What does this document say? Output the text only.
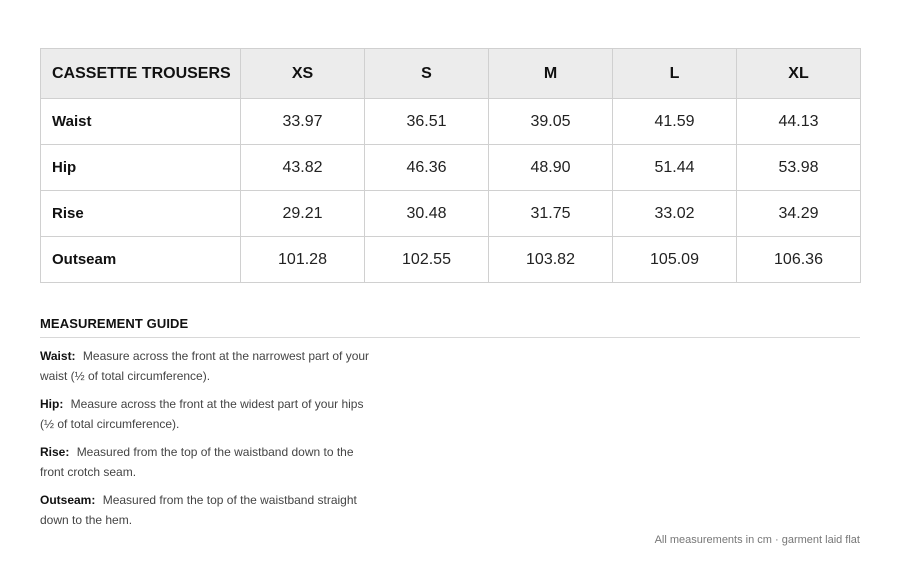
CASSETTE TROUSERS	XS	S	M	L	XL
Waist	33.97	36.51	39.05	41.59	44.13
Hip	43.82	46.36	48.90	51.44	53.98
Rise	29.21	30.48	31.75	33.02	34.29
Outseam	101.28	102.55	103.82	105.09	106.36
MEASUREMENT GUIDE
Waist: Measure across the front at the narrowest part of your waist (½ of total circumference).
Hip: Measure across the front at the widest part of your hips (½ of total circumference).
Rise: Measured from the top of the waistband down to the front crotch seam.
Outseam: Measured from the top of the waistband straight down to the hem.
All measurements in cm · garment laid flat
